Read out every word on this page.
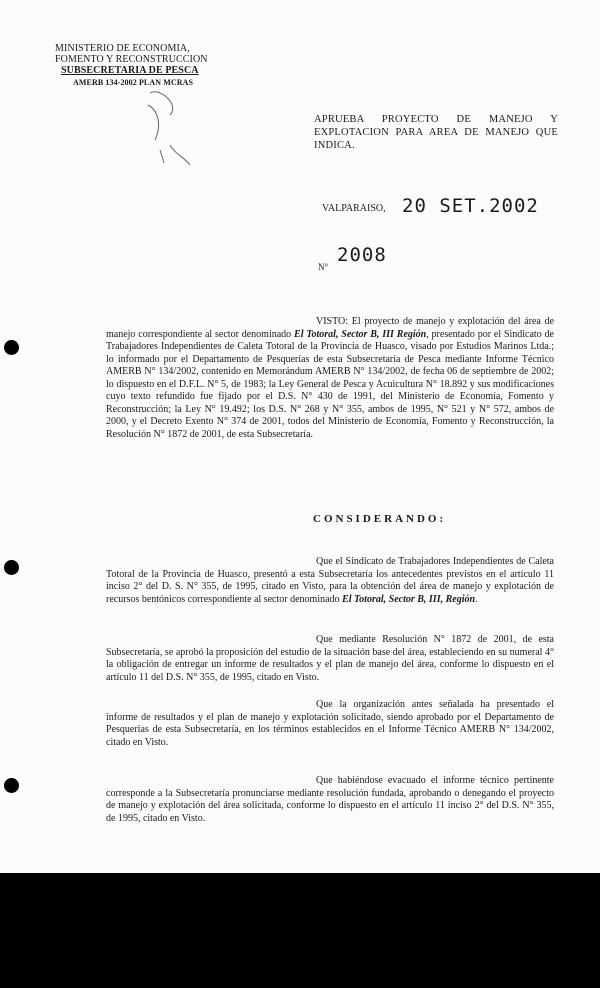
MINISTERIO DE ECONOMIA,
FOMENTO Y RECONSTRUCCION
SUBSECRETARIA DE PESCA
AMERB 134-2002 PLAN MCRAS
APRUEBA PROYECTO DE MANEJO Y EXPLOTACION PARA AREA DE MANEJO QUE INDICA.
VALPARAISO, 20 SET.2002
N°
2008

VISTO: El proyecto de manejo y explotación del área de manejo correspondiente al sector denominado El Totoral, Sector B, III Región, presentado por el Sindicato de Trabajadores Independientes de Caleta Totoral de la Provincia de Huasco, visado por Estudios Marinos Ltda.; lo informado por el Departamento de Pesquerías de esta Subsecretaría de Pesca mediante Informe Técnico AMERB N° 134/2002, contenido en Memorándum AMERB N° 134/2002, de fecha 06 de septiembre de 2002; lo dispuesto en el D.F.L. N° 5, de 1983; la Ley General de Pesca y Acuicultura N° 18.892 y sus modificaciones cuyo texto refundido fue fijado por el D.S. N° 430 de 1991, del Ministerio de Economía, Fomento y Reconstrucción; la Ley N° 19.492; los D.S. N° 268 y N° 355, ambos de 1995, N° 521 y N° 572, ambos de 2000, y el Decreto Exento N° 374 de 2001, todos del Ministerio de Economía, Fomento y Reconstrucción, la Resolución N° 1872 de 2001, de esta Subsecretaría.

CONSIDERANDO:

Que el Sindicato de Trabajadores Independientes de Caleta Totoral de la Provincia de Huasco, presentó a esta Subsecretaría los antecedentes previstos en el artículo 11 inciso 2° del D. S. N° 355, de 1995, citado en Visto, para la obtención del área de manejo y explotación de recursos bentónicos correspondiente al sector denominado El Totoral, Sector B, III, Región.

Que mediante Resolución N° 1872 de 2001, de esta Subsecretaría, se aprobó la proposición del estudio de la situación base del área, estableciendo en su numeral 4° la obligación de entregar un informe de resultados y el plan de manejo del área, conforme lo dispuesto en el artículo 11 del D.S. N° 355, de 1995, citado en Visto.

Que la organización antes señalada ha presentado el informe de resultados y el plan de manejo y explotación solicitado, siendo aprobado por el Departamento de Pesquerías de esta Subsecretaría, en los términos establecidos en el Informe Técnico AMERB N° 134/2002, citado en Visto.

Que habiéndose evacuado el informe técnico pertinente corresponde a la Subsecretaría pronunciarse mediante resolución fundada, aprobando o denegando el proyecto de manejo y explotación del área solicitada, conforme lo dispuesto en el artículo 11 inciso 2° del D.S. N° 355, de 1995, citado en Visto.
